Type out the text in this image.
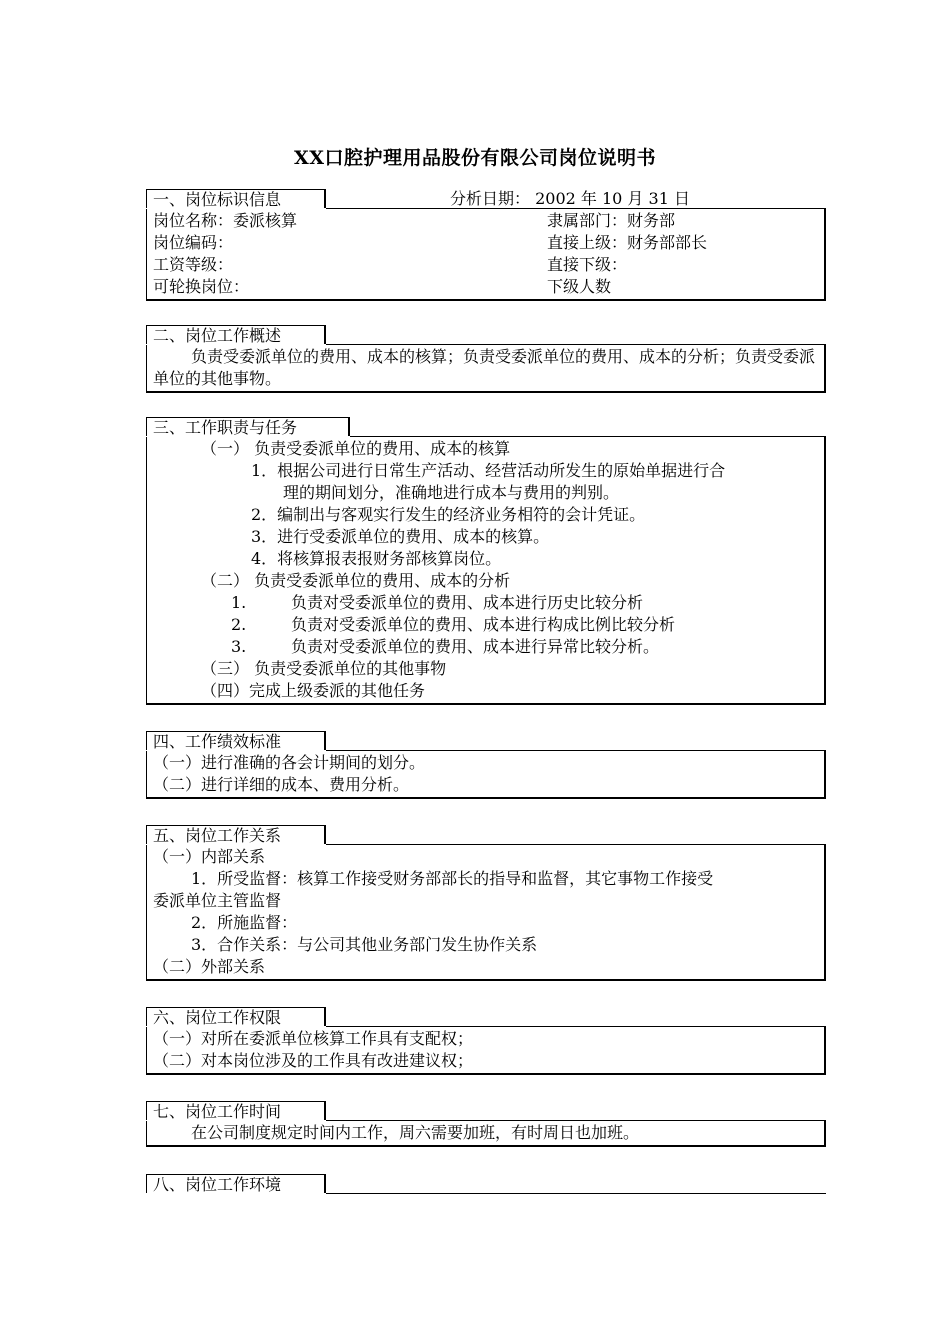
XX口腔护理用品股份有限公司岗位说明书
一、岗位标识信息	分析日期： 2002 年 10 月 31 日
岗位名称：委派核算	隶属部门：财务部
岗位编码：	直接上级：财务部部长
工资等级：	直接下级：
可轮换岗位：	下级人数
二、岗位工作概述
负责受委派单位的费用、成本的核算；负责受委派单位的费用、成本的分析；负责受委派单位的其他事物。
三、工作职责与任务
（一） 负责受委派单位的费用、成本的核算
1．根据公司进行日常生产活动、经营活动所发生的原始单据进行合
理的期间划分，准确地进行成本与费用的判别。
2．编制出与客观实行发生的经济业务相符的会计凭证。
3．进行受委派单位的费用、成本的核算。
4．将核算报表报财务部核算岗位。
（二） 负责受委派单位的费用、成本的分析
1.	负责对受委派单位的费用、成本进行历史比较分析
2.	负责对受委派单位的费用、成本进行构成比例比较分析
3.	负责对受委派单位的费用、成本进行异常比较分析。
（三） 负责受委派单位的其他事物
（四）完成上级委派的其他任务
四、工作绩效标准
（一）进行准确的各会计期间的划分。
（二）进行详细的成本、费用分析。
五、岗位工作关系
（一）内部关系
1．所受监督：核算工作接受财务部部长的指导和监督，其它事物工作接受
委派单位主管监督
2．所施监督：
3．合作关系：与公司其他业务部门发生协作关系
（二）外部关系
六、岗位工作权限
（一）对所在委派单位核算工作具有支配权；
（二）对本岗位涉及的工作具有改进建议权；
七、岗位工作时间
在公司制度规定时间内工作，周六需要加班，有时周日也加班。
八、岗位工作环境
